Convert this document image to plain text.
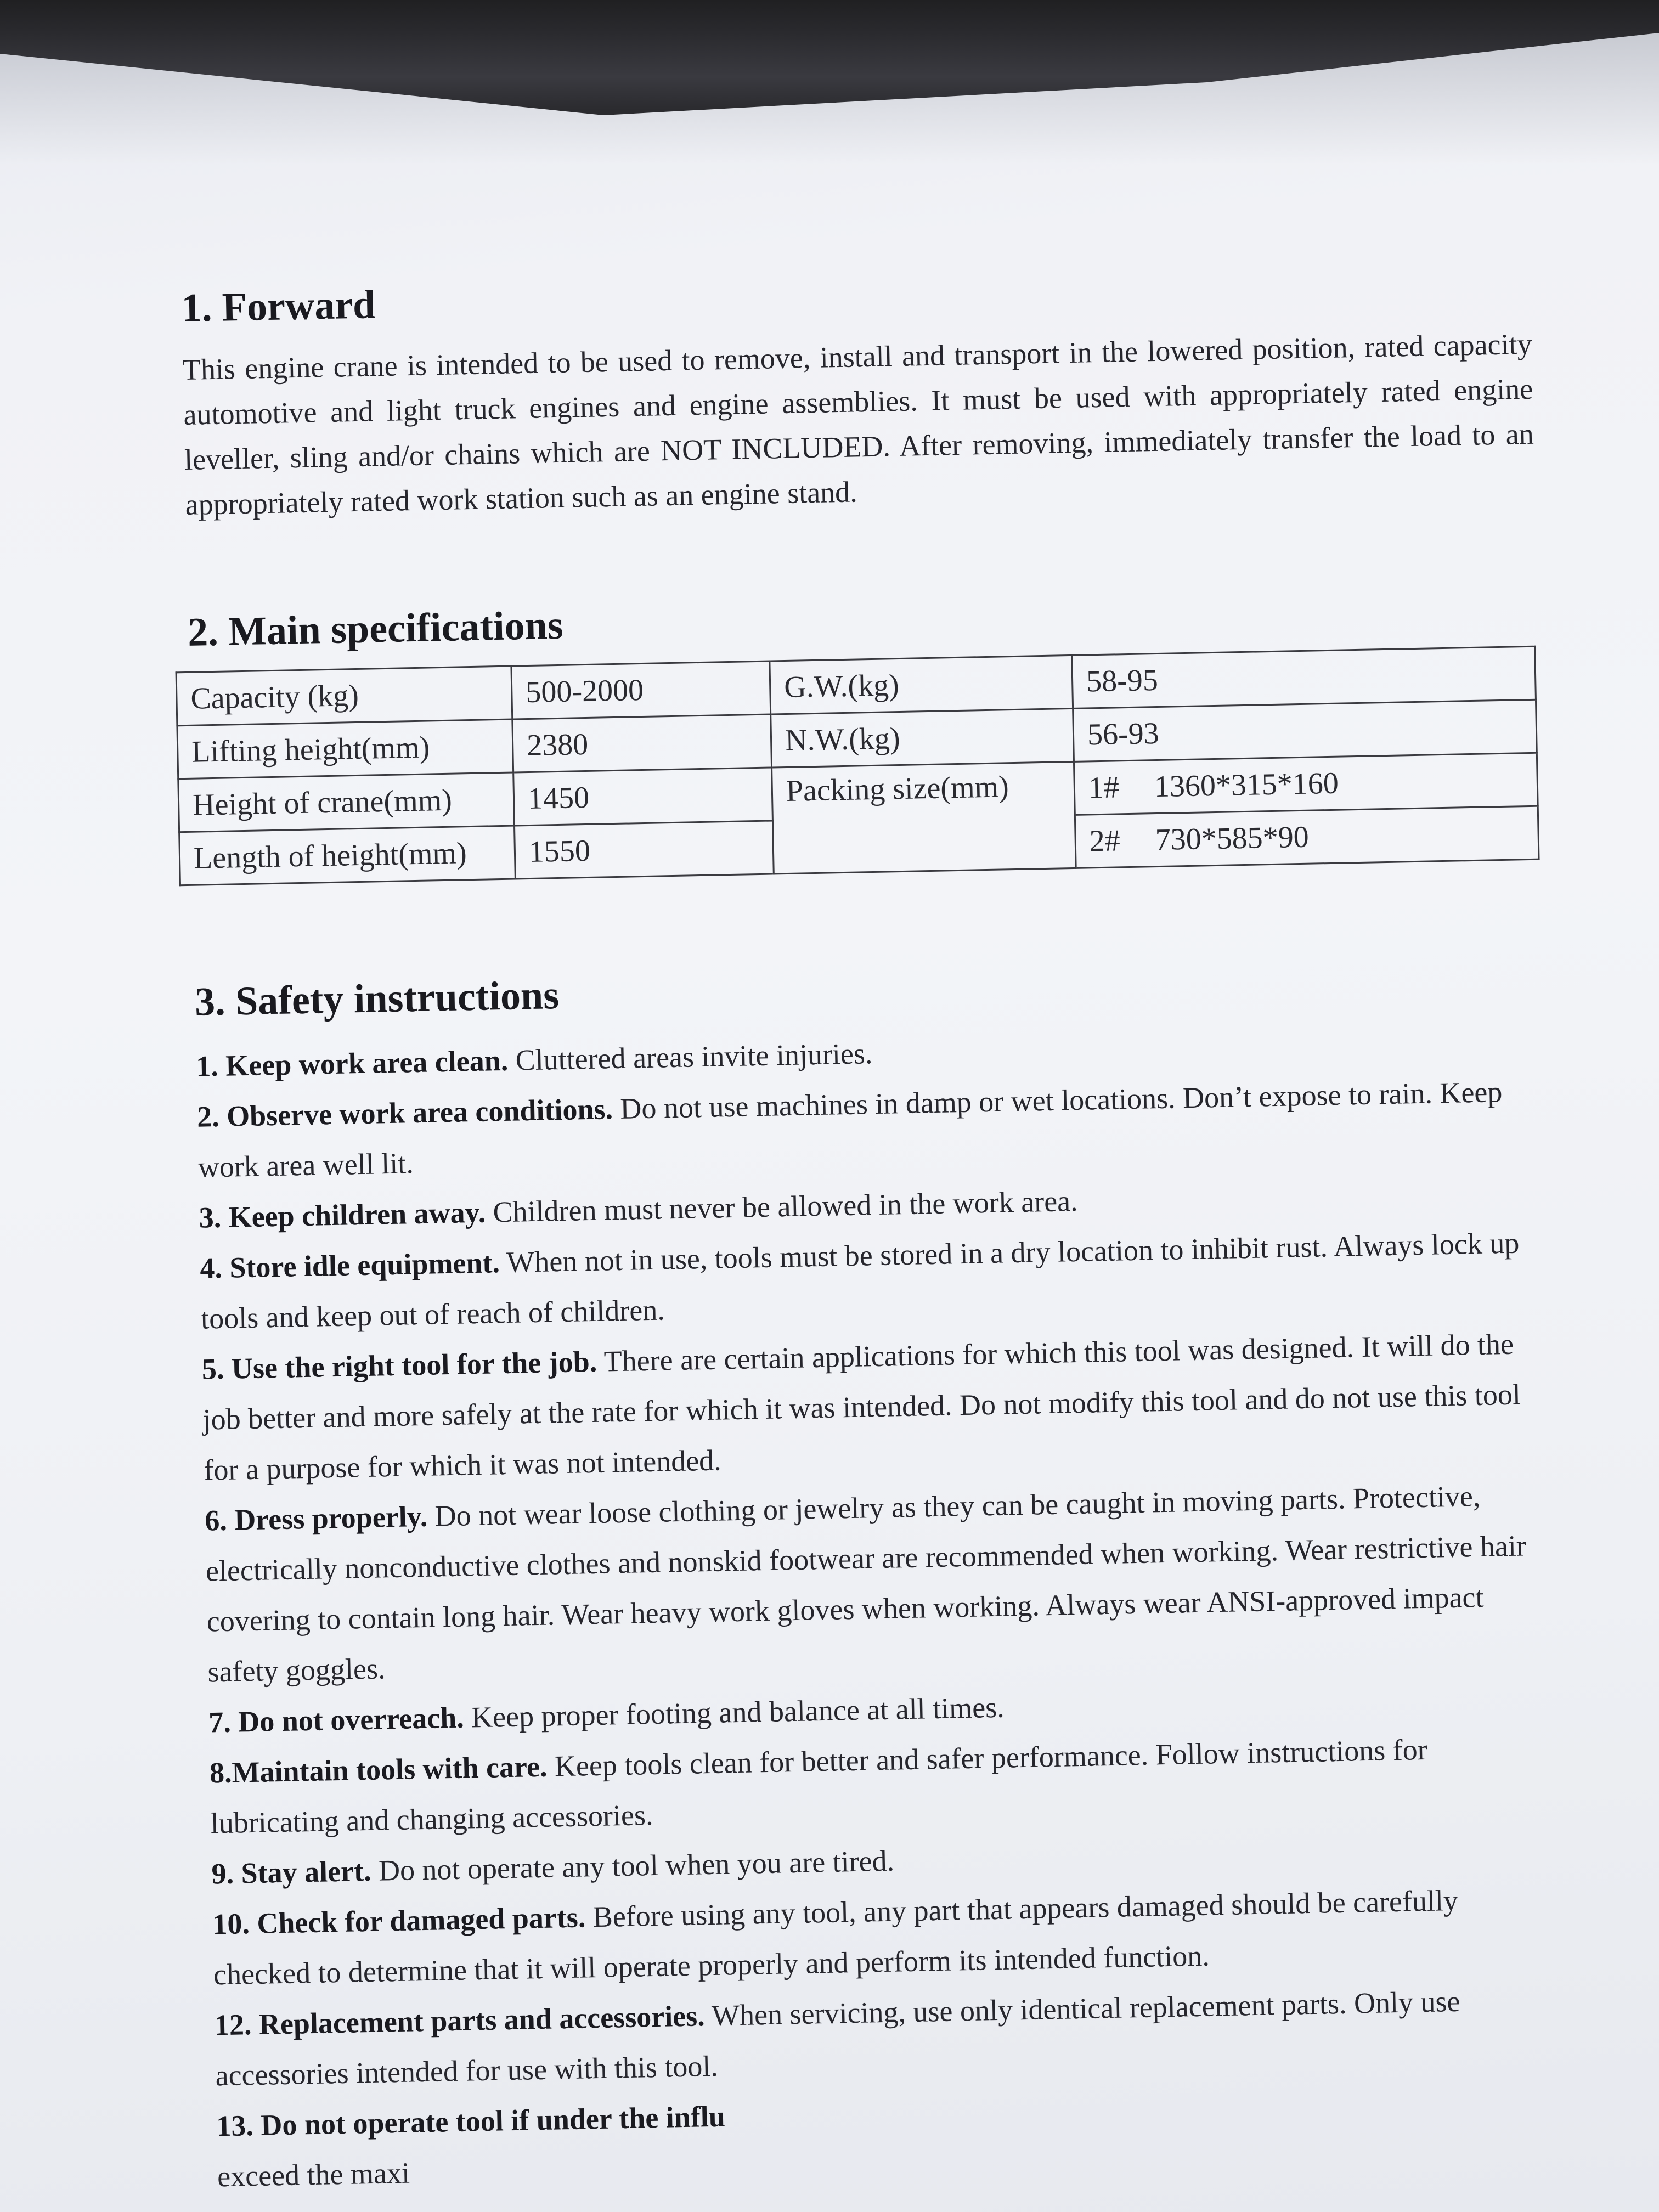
1. Forward

This engine crane is intended to be used to remove, install and transport in the lowered position, rated capacity automotive and light truck engines and engine assemblies. It must be used with appropriately rated engine leveller, sling and/or chains which are NOT INCLUDED. After removing, immediately transfer the load to an appropriately rated work station such as an engine stand.

2. Main specifications
Capacity (kg)	500-2000	G.W.(kg)	58-95
Lifting height(mm)	2380	N.W.(kg)	56-93
Height of crane(mm)	1450	Packing size(mm)	1# 1360*315*160
Length of height(mm)	1550		2# 730*585*90
3. Safety instructions

1. Keep work area clean. Cluttered areas invite injuries.

2. Observe work area conditions. Do not use machines in damp or wet locations. Don’t expose to rain. Keep work area well lit.

3. Keep children away. Children must never be allowed in the work area.

4. Store idle equipment. When not in use, tools must be stored in a dry location to inhibit rust. Always lock up tools and keep out of reach of children.

5. Use the right tool for the job. There are certain applications for which this tool was designed. It will do the job better and more safely at the rate for which it was intended. Do not modify this tool and do not use this tool for a purpose for which it was not intended.

6. Dress properly. Do not wear loose clothing or jewelry as they can be caught in moving parts. Protective, electrically nonconductive clothes and nonskid footwear are recommended when working. Wear restrictive hair covering to contain long hair. Wear heavy work gloves when working. Always wear ANSI-approved impact safety goggles.

7. Do not overreach. Keep proper footing and balance at all times.

8.Maintain tools with care. Keep tools clean for better and safer performance. Follow instructions for lubricating and changing accessories.

9. Stay alert. Do not operate any tool when you are tired.

10. Check for damaged parts. Before using any tool, any part that appears damaged should be carefully checked to determine that it will operate properly and perform its intended function.

12. Replacement parts and accessories. When servicing, use only identical replacement parts. Only use accessories intended for use with this tool.

13. Do not operate tool if under the influ

exceed the maxi
